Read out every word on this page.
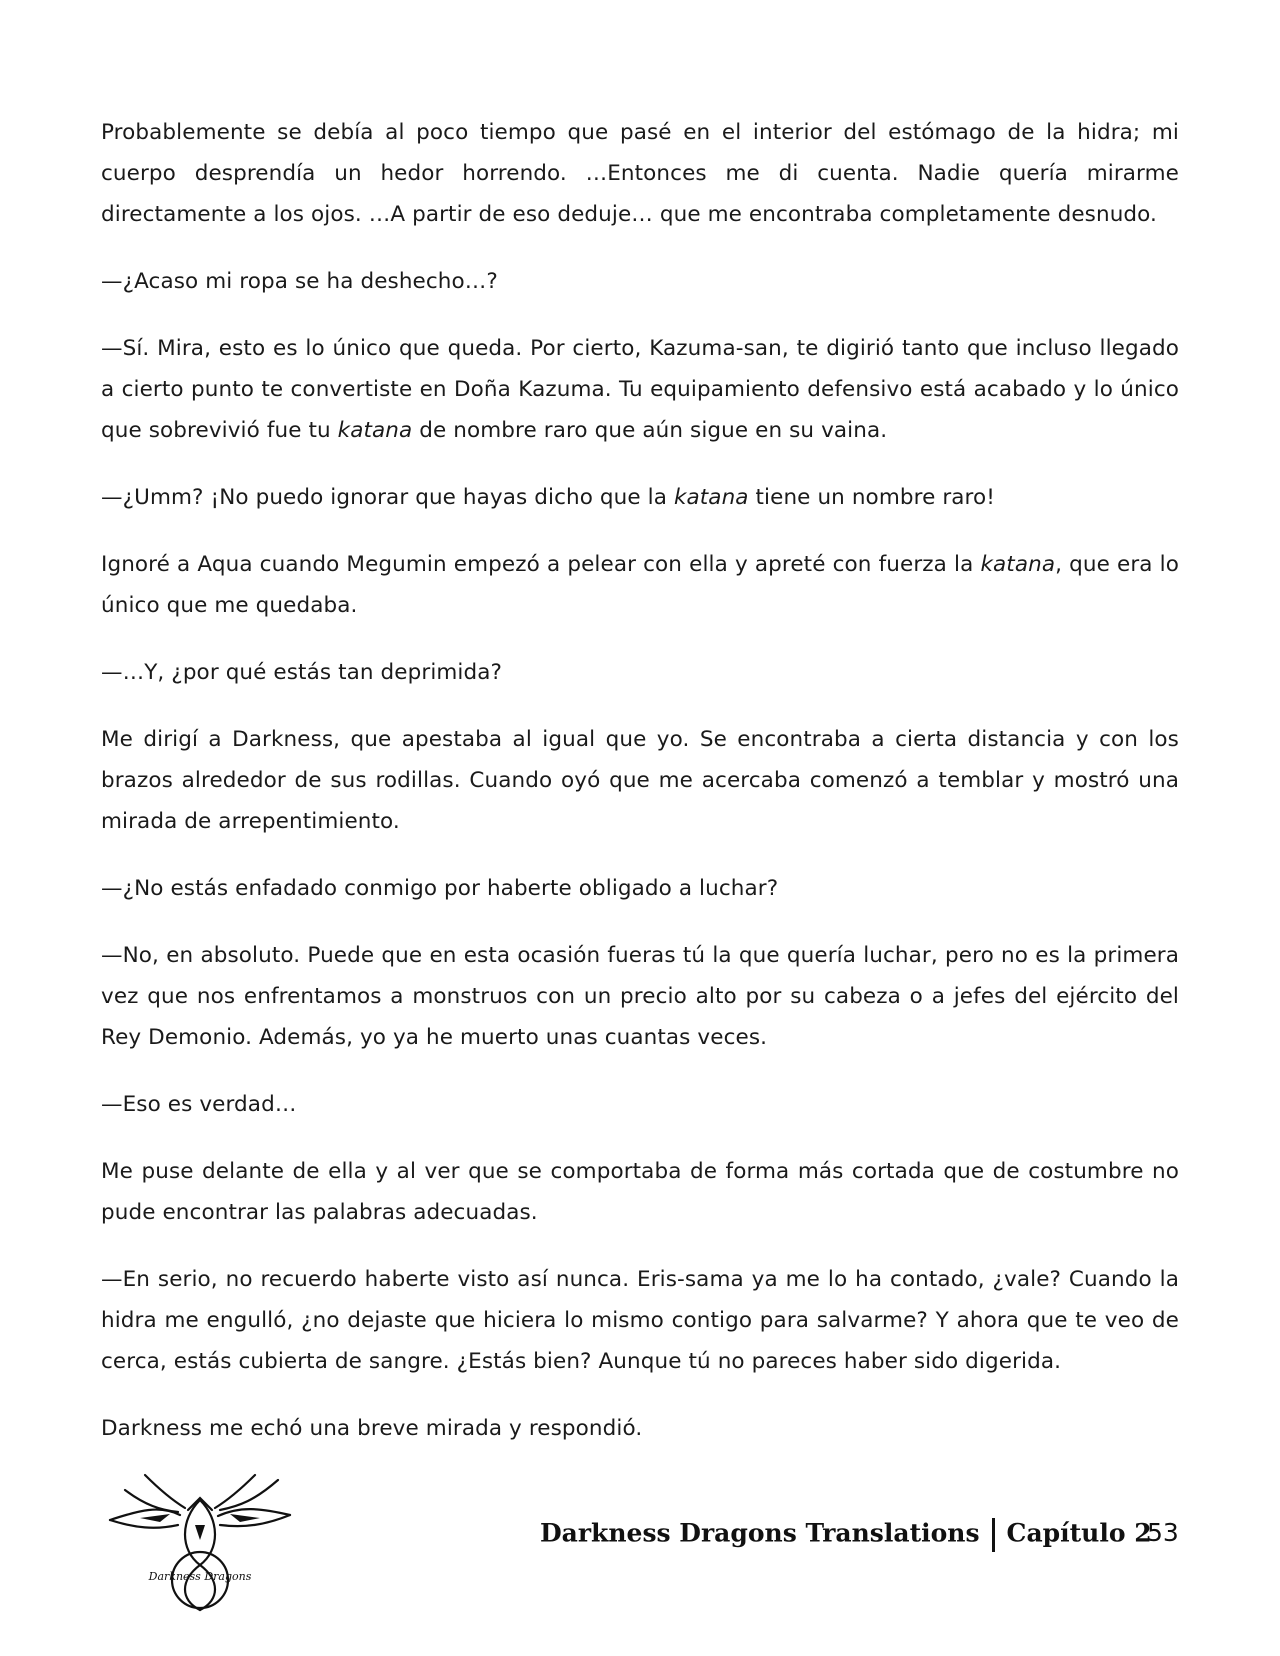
Probablemente se debía al poco tiempo que pasé en el interior del estómago de la hidra; mi cuerpo desprendía un hedor horrendo. …Entonces me di cuenta. Nadie quería mirarme directamente a los ojos. …A partir de eso deduje… que me encontraba completamente desnudo.

—¿Acaso mi ropa se ha deshecho…?

—Sí. Mira, esto es lo único que queda. Por cierto, Kazuma-san, te digirió tanto que incluso llegado a cierto punto te convertiste en Doña Kazuma. Tu equipamiento defensivo está acabado y lo único que sobrevivió fue tu katana de nombre raro que aún sigue en su vaina.

—¿Umm? ¡No puedo ignorar que hayas dicho que la katana tiene un nombre raro!

Ignoré a Aqua cuando Megumin empezó a pelear con ella y apreté con fuerza la katana, que era lo único que me quedaba.

—…Y, ¿por qué estás tan deprimida?

Me dirigí a Darkness, que apestaba al igual que yo. Se encontraba a cierta distancia y con los brazos alrededor de sus rodillas. Cuando oyó que me acercaba comenzó a temblar y mostró una mirada de arrepentimiento.

—¿No estás enfadado conmigo por haberte obligado a luchar?

—No, en absoluto. Puede que en esta ocasión fueras tú la que quería luchar, pero no es la primera vez que nos enfrentamos a monstruos con un precio alto por su cabeza o a jefes del ejército del Rey Demonio. Además, yo ya he muerto unas cuantas veces.

—Eso es verdad…

Me puse delante de ella y al ver que se comportaba de forma más cortada que de costumbre no pude encontrar las palabras adecuadas.

—En serio, no recuerdo haberte visto así nunca. Eris-sama ya me lo ha contado, ¿vale? Cuando la hidra me engulló, ¿no dejaste que hiciera lo mismo contigo para salvarme? Y ahora que te veo de cerca, estás cubierta de sangre. ¿Estás bien? Aunque tú no pareces haber sido digerida.

Darkness me echó una breve mirada y respondió.

Darkness Dragons
Darkness Dragons Translations Capítulo 2
53
